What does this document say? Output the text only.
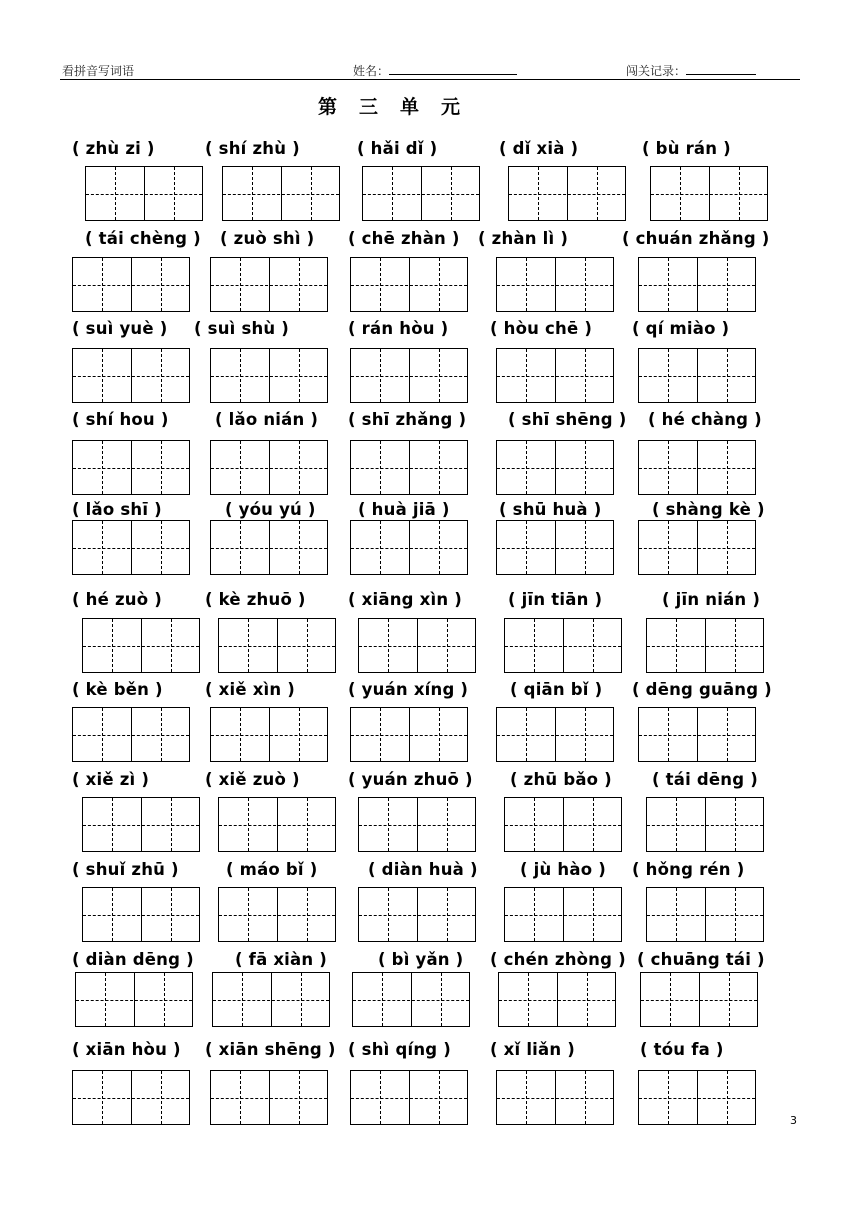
看拼音写词语	姓名：	闯关记录：
第三单元
( zhù zi )	( shí zhù )	( hǎi dǐ )	( dǐ xià )	( bù rán )
( tái chèng ) ( zuò shì ) ( chē zhàn ) ( zhàn lì )	( chuán zhǎng )
( suì yuè ) ( suì shù )	( rán hòu )	( hòu chē ) ( qí miào )
( shí hou )	( lǎo nián ) ( shī zhǎng )	( shī shēng ) ( hé chàng )
( lǎo shī )	( yóu yú )	( huà jiā )	( shū huà )	( shàng kè )
( hé zuò )	( kè zhuō )	( xiāng xìn )	( jīn tiān )	( jīn nián )
( kè běn )	( xiě xìn )	( yuán xíng )	( qiān bǐ ) ( dēng guāng )
( xiě zì )	( xiě zuò )	( yuán zhuō ) ( zhū bǎo ) ( tái dēng )
( shuǐ zhū )	( máo bǐ )	( diàn huà )	( jù hào ) ( hǒng rén )
( diàn dēng ) ( fā xiàn )	( bì yǎn ) ( chén zhòng ) ( chuāng tái )
( xiān hòu ) ( xiān shēng ) ( shì qíng ) ( xǐ liǎn )	( tóu fa )
3
